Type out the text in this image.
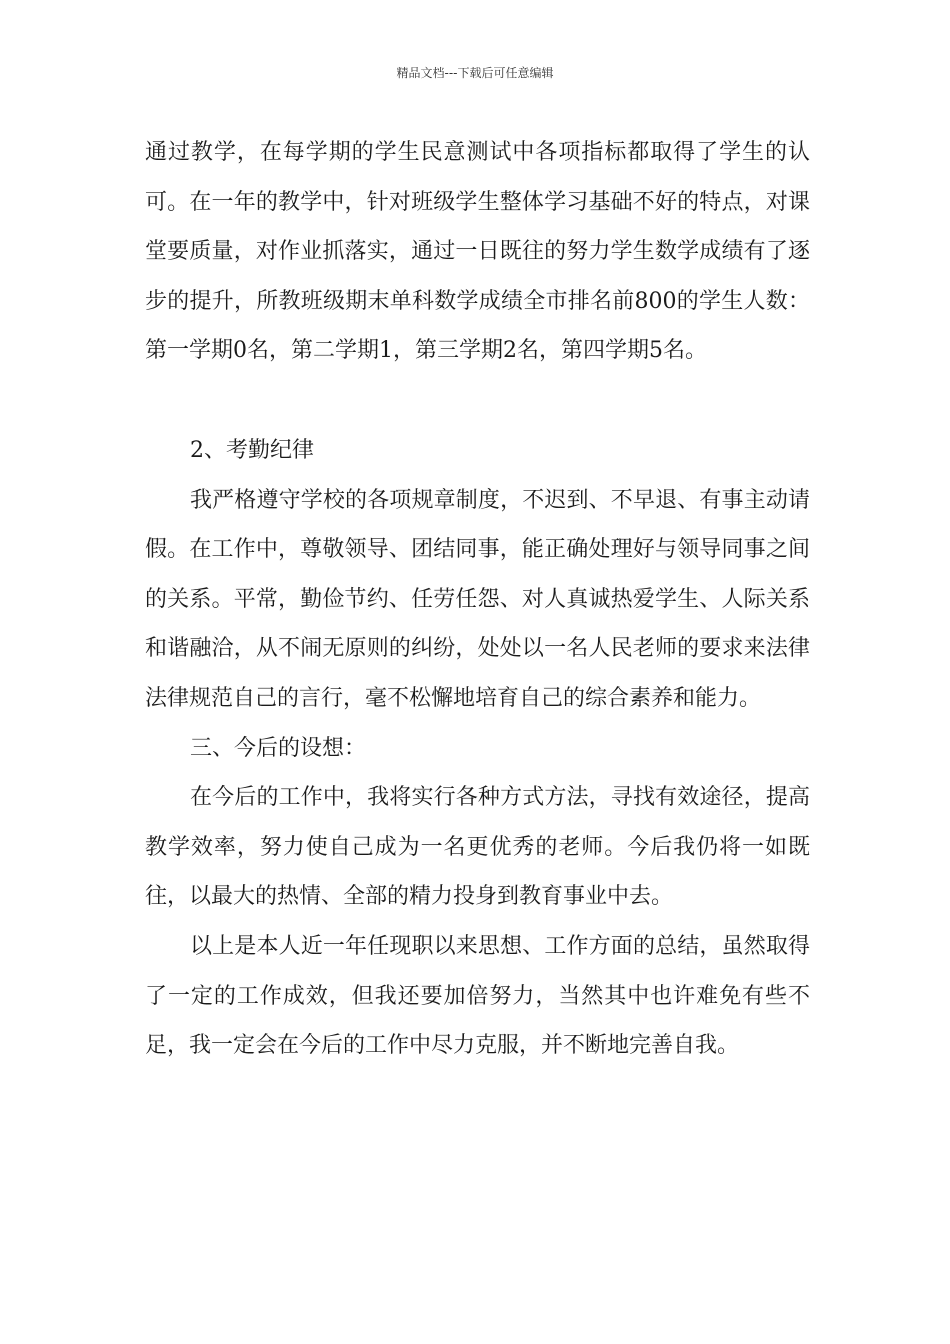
精品文档---下载后可任意编辑

通过教学，在每学期的学生民意测试中各项指标都取得了学生的认可。在一年的教学中，针对班级学生整体学习基础不好的特点，对课堂要质量，对作业抓落实，通过一日既往的努力学生数学成绩有了逐步的提升，所教班级期末单科数学成绩全市排名前800的学生人数：第一学期0名，第二学期1，第三学期2名，第四学期5名。

2、考勤纪律

我严格遵守学校的各项规章制度，不迟到、不早退、有事主动请假。在工作中，尊敬领导、团结同事，能正确处理好与领导同事之间的关系。平常，勤俭节约、任劳任怨、对人真诚热爱学生、人际关系和谐融洽，从不闹无原则的纠纷，处处以一名人民老师的要求来法律法律规范自己的言行，毫不松懈地培育自己的综合素养和能力。

三、今后的设想：

在今后的工作中，我将实行各种方式方法，寻找有效途径，提高教学效率，努力使自己成为一名更优秀的老师。今后我仍将一如既往，以最大的热情、全部的精力投身到教育事业中去。

以上是本人近一年任现职以来思想、工作方面的总结，虽然取得了一定的工作成效，但我还要加倍努力，当然其中也许难免有些不足，我一定会在今后的工作中尽力克服，并不断地完善自我。
